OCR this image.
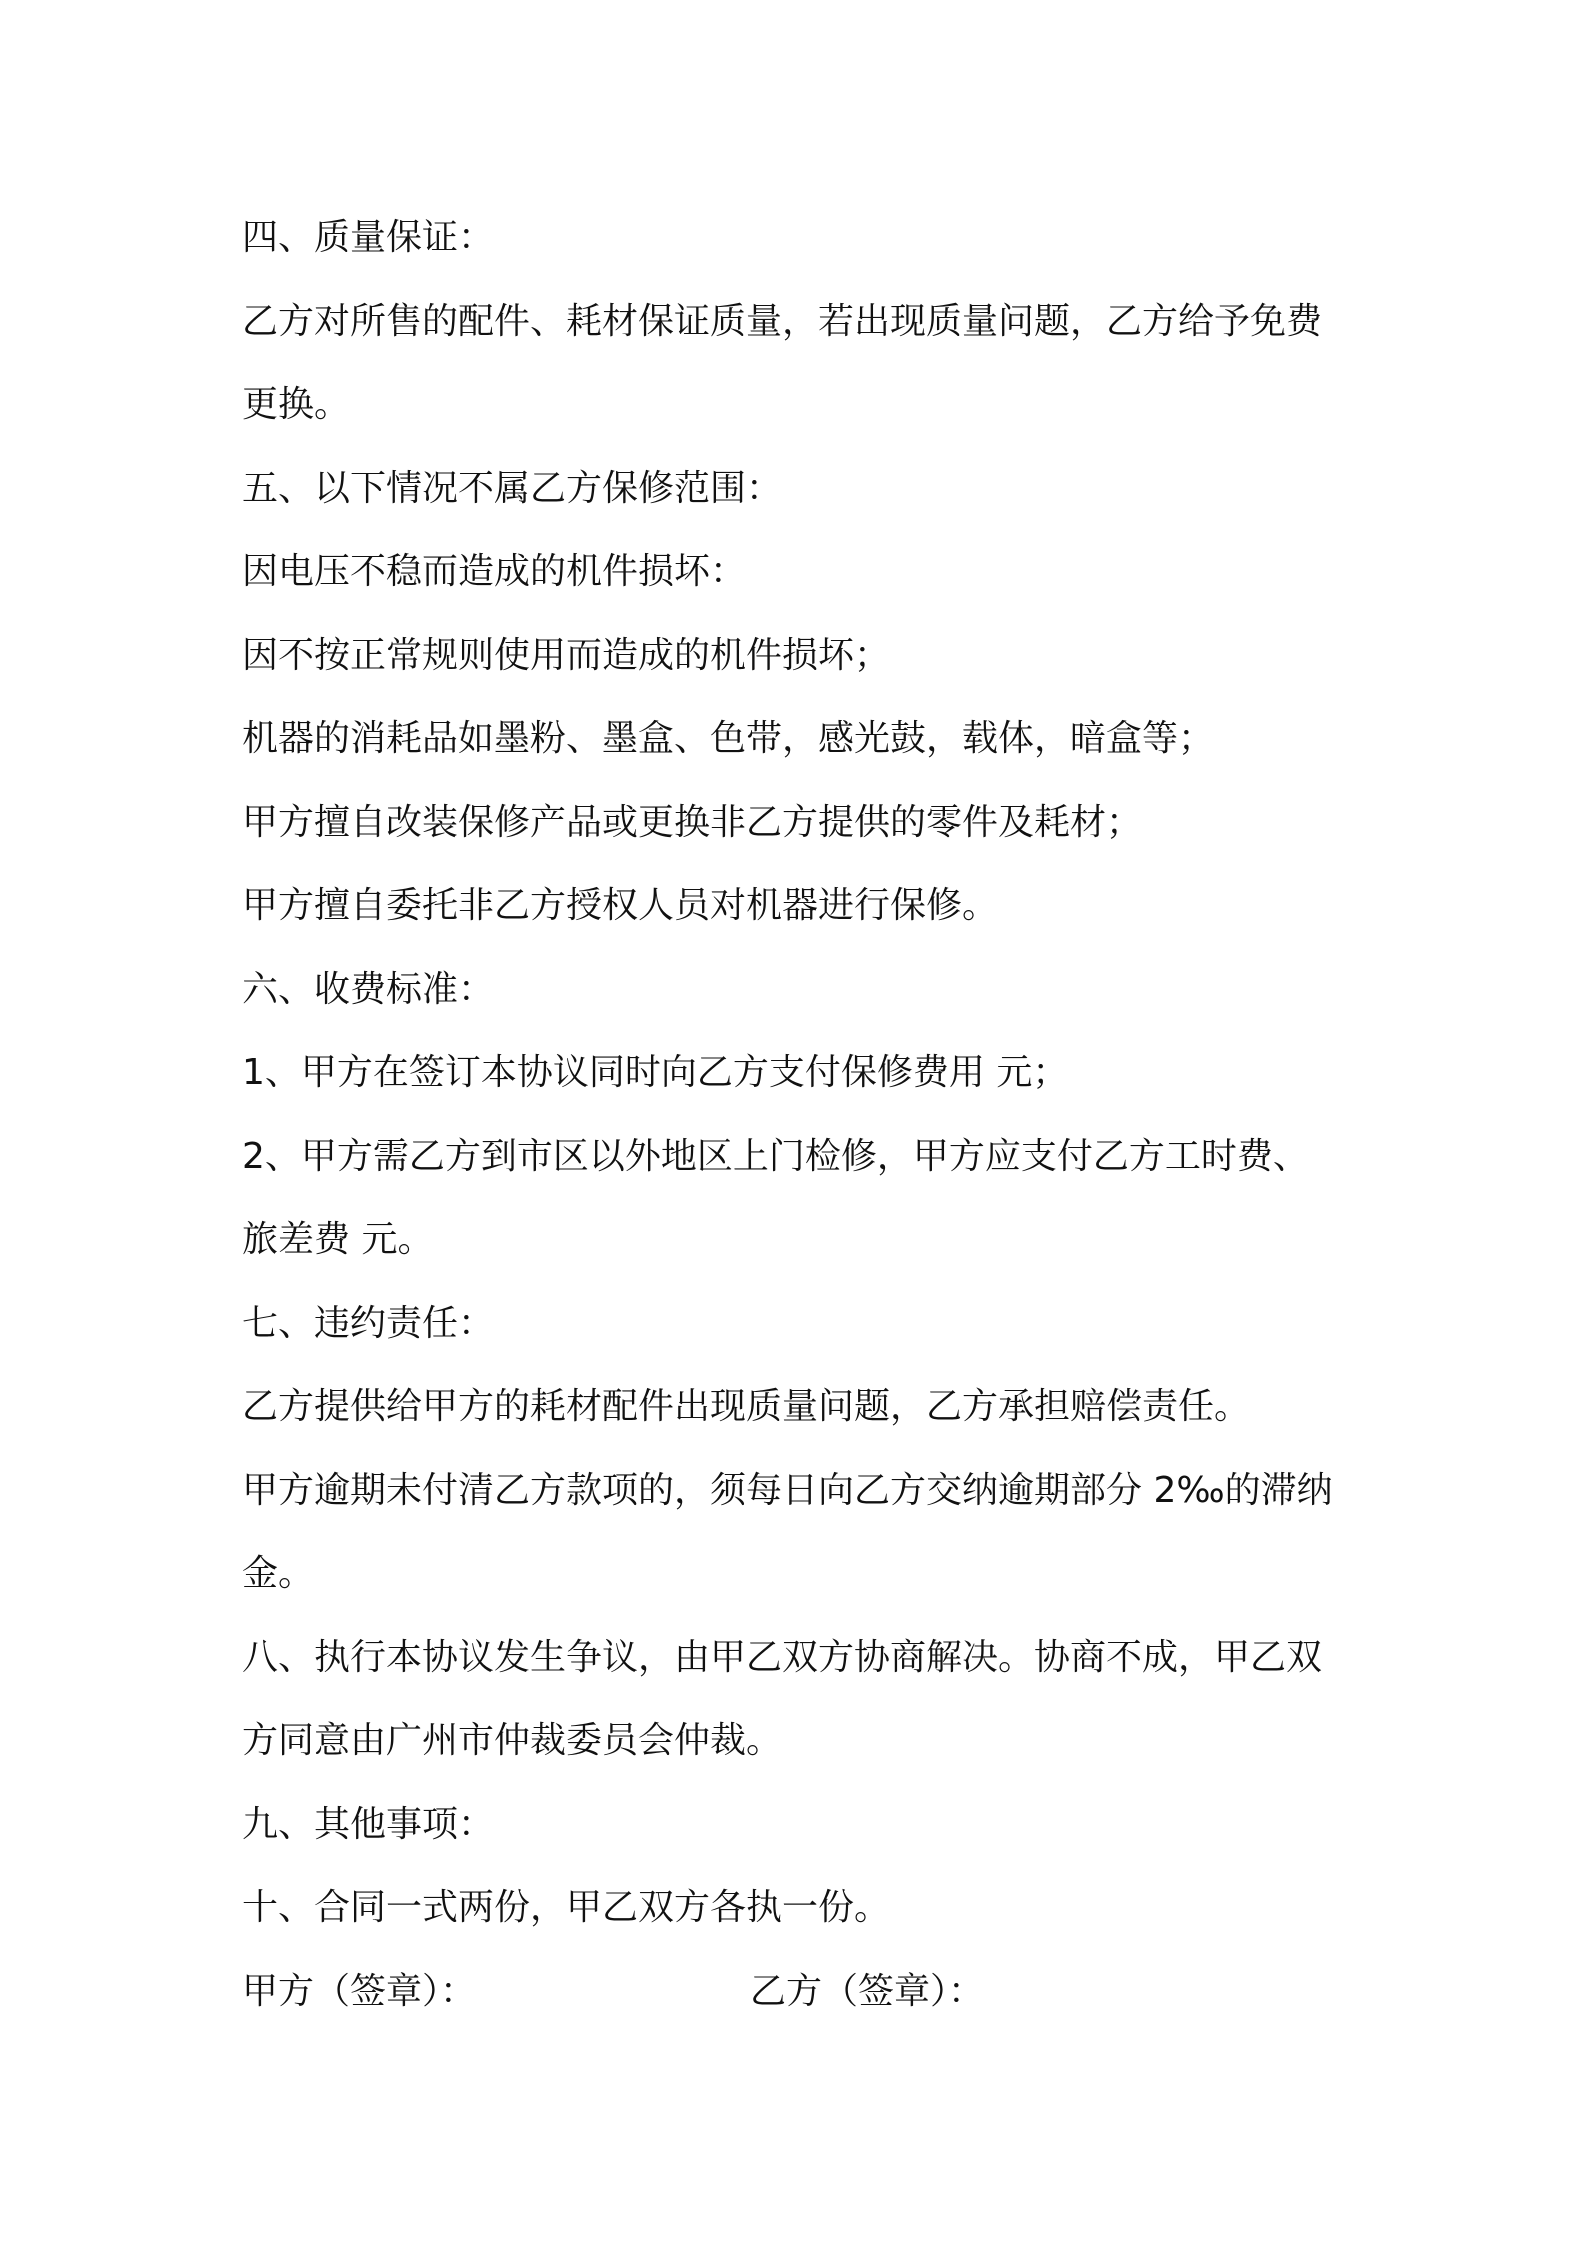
四、质量保证：
乙方对所售的配件、耗材保证质量，若出现质量问题，乙方给予免费
更换。
五、以下情况不属乙方保修范围：
因电压不稳而造成的机件损坏：
因不按正常规则使用而造成的机件损坏；
机器的消耗品如墨粉、墨盒、色带，感光鼓，载体，暗盒等；
甲方擅自改装保修产品或更换非乙方提供的零件及耗材；
甲方擅自委托非乙方授权人员对机器进行保修。
六、收费标准：
1、甲方在签订本协议同时向乙方支付保修费用 元；
2、甲方需乙方到市区以外地区上门检修，甲方应支付乙方工时费、
旅差费 元。
七、违约责任：
乙方提供给甲方的耗材配件出现质量问题，乙方承担赔偿责任。
甲方逾期未付清乙方款项的，须每日向乙方交纳逾期部分 2‰的滞纳
金。
八、执行本协议发生争议，由甲乙双方协商解决。协商不成，甲乙双
方同意由广州市仲裁委员会仲裁。
九、其他事项：
十、合同一式两份，甲乙双方各执一份。
甲方（签章）：	乙方（签章）：
